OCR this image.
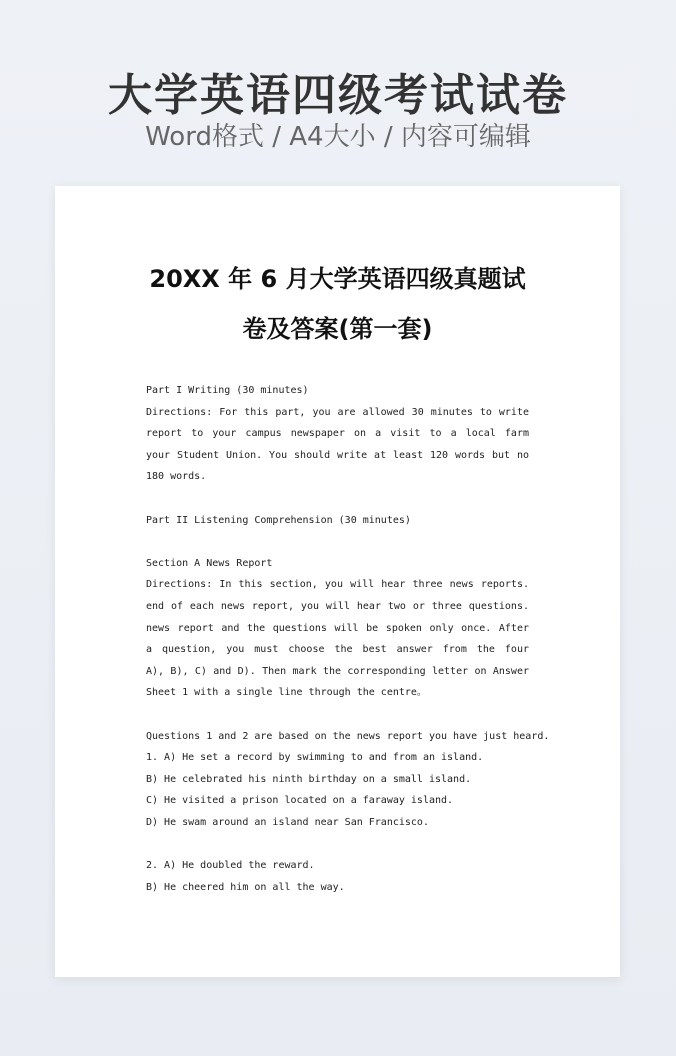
大学英语四级考试试卷
Word格式 / A4大小 / 内容可编辑
20XX 年 6 月大学英语四级真题试
卷及答案(第一套)
Part I Writing (30 minutes)
Directions: For this part, you are allowed 30 minutes to write
report to your campus newspaper on a visit to a local farm
your Student Union. You should write at least 120 words but no
180 words.
Part II Listening Comprehension (30 minutes)
Section A News Report
Directions: In this section, you will hear three news reports.
end of each news report, you will hear two or three questions.
news report and the questions will be spoken only once. After
a question, you must choose the best answer from the four
A), B), C) and D). Then mark the corresponding letter on Answer
Sheet 1 with a single line through the centre。
Questions 1 and 2 are based on the news report you have just heard.
1. A) He set a record by swimming to and from an island.
B) He celebrated his ninth birthday on a small island.
C) He visited a prison located on a faraway island.
D) He swam around an island near San Francisco.
2. A) He doubled the reward.
B) He cheered him on all the way.
